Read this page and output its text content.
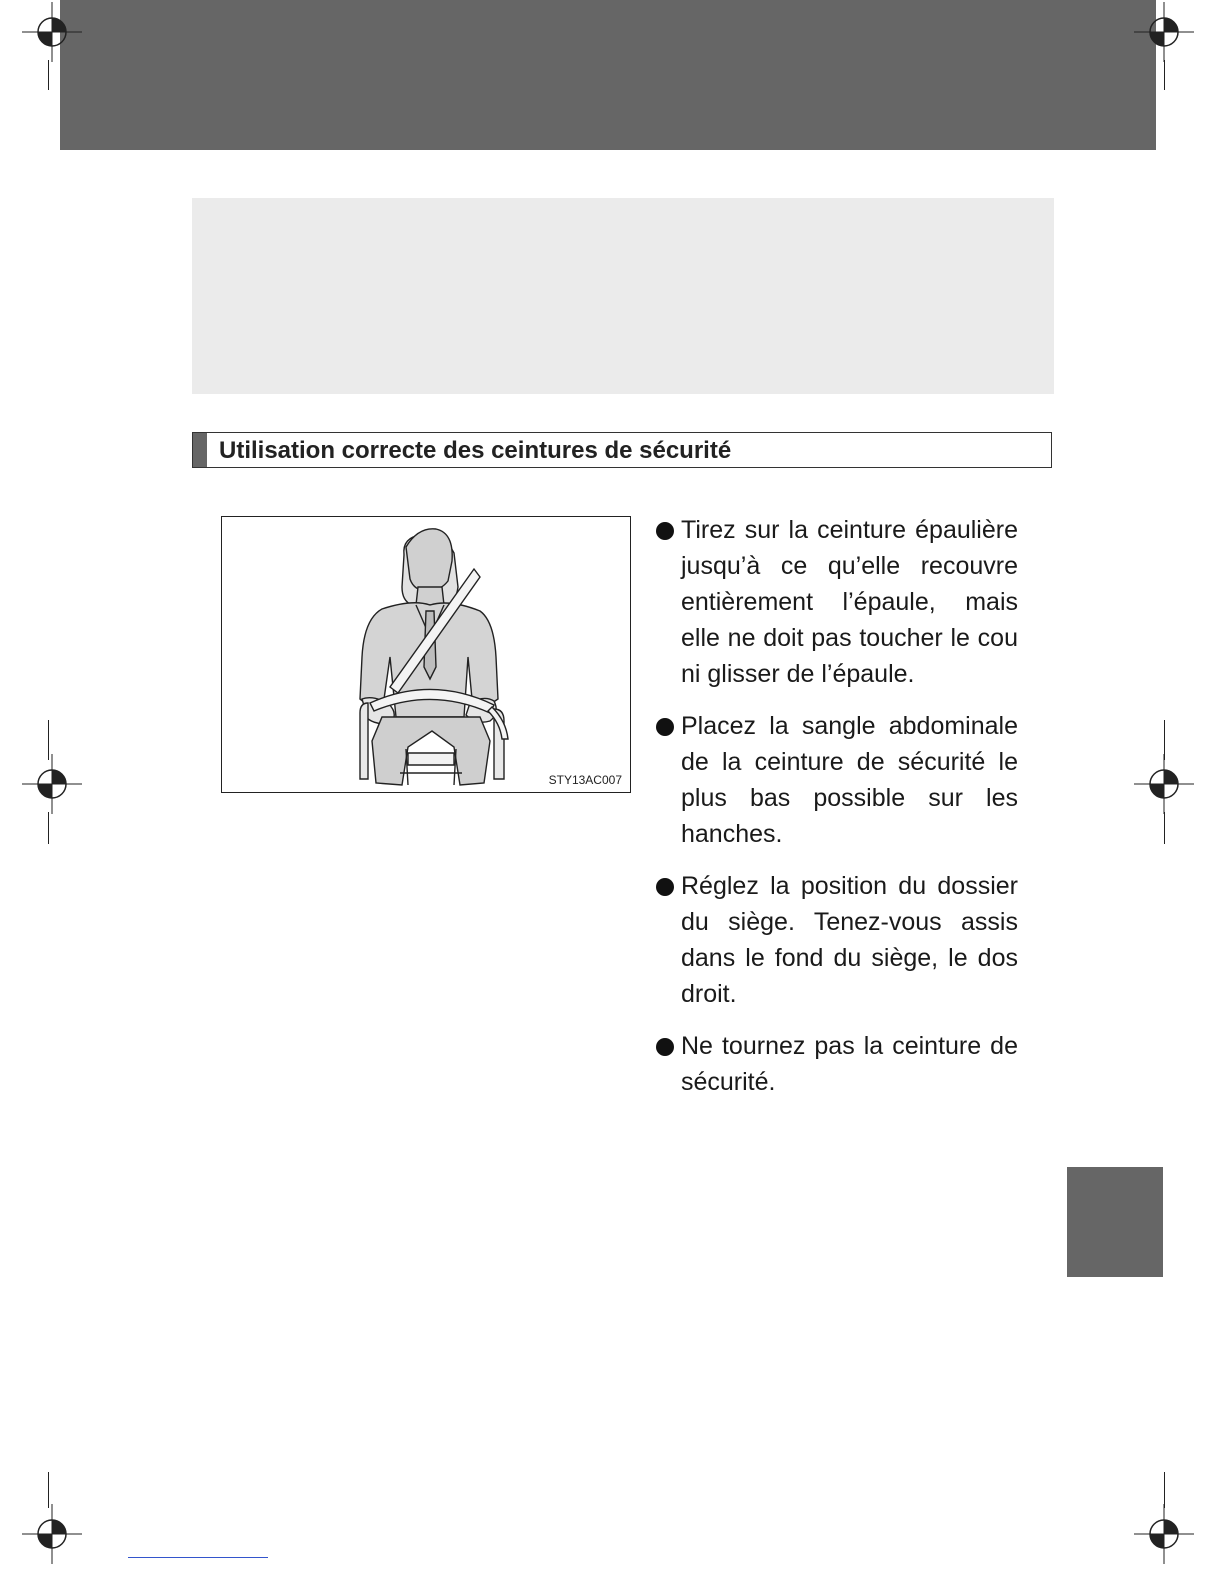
Utilisation correcte des ceintures de sécurité
STY13AC007
Tirez sur la ceinture épaulière jusqu’à ce qu’elle recouvre entièrement l’épaule, mais elle ne doit pas toucher le cou ni glisser de l’épaule.
Placez la sangle abdominale de la ceinture de sécurité le plus bas possible sur les hanches.
Réglez la position du dossier du siège. Tenez-vous assis dans le fond du siège, le dos droit.
Ne tournez pas la ceinture de sécurité.
